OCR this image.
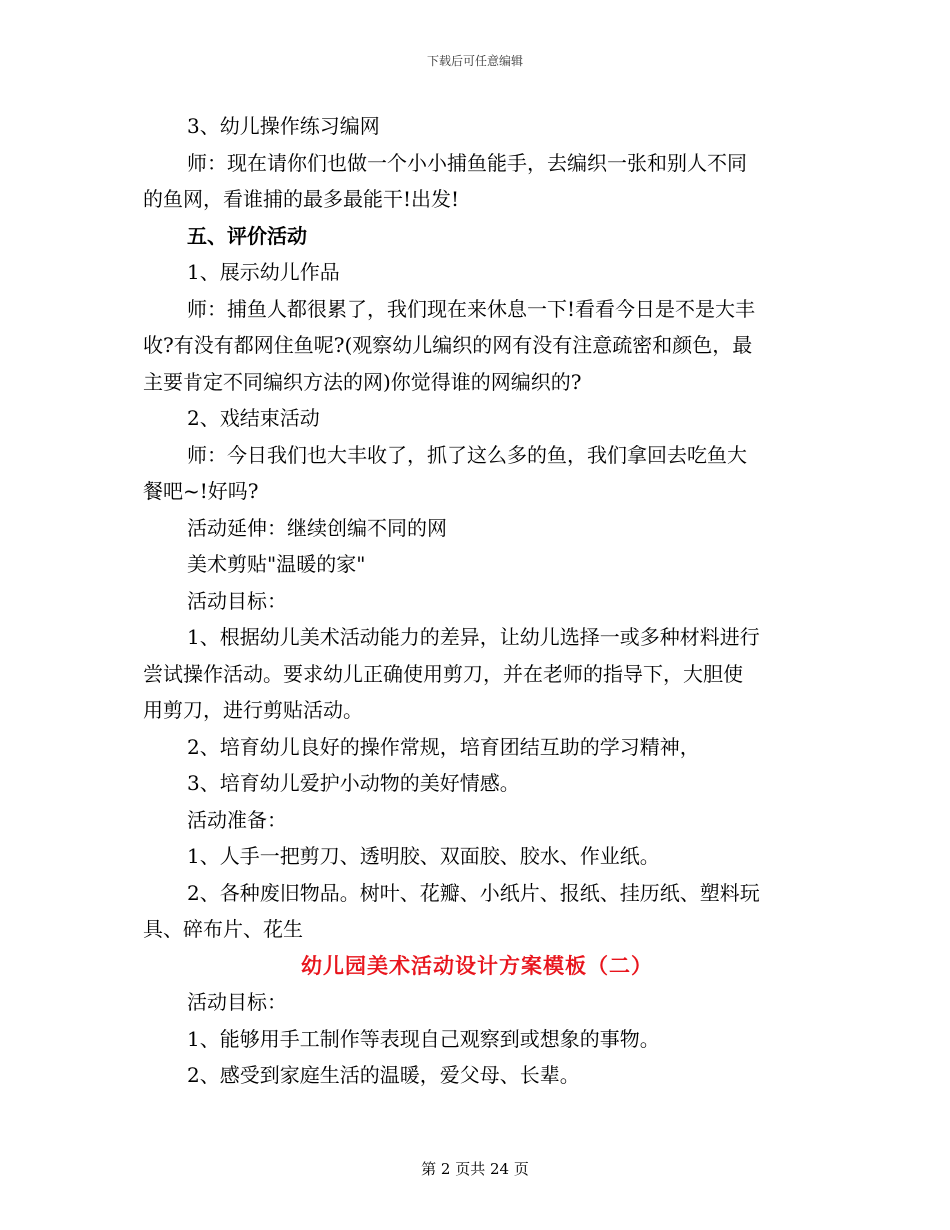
下载后可任意编辑
3、幼儿操作练习编网
师：现在请你们也做一个小小捕鱼能手，去编织一张和别人不同
的鱼网，看谁捕的最多最能干!出发!
五、评价活动
1、展示幼儿作品
师：捕鱼人都很累了，我们现在来休息一下!看看今日是不是大丰
收?有没有都网住鱼呢?(观察幼儿编织的网有没有注意疏密和颜色，最
主要肯定不同编织方法的网)你觉得谁的网编织的?
2、戏结束活动
师：今日我们也大丰收了，抓了这么多的鱼，我们拿回去吃鱼大
餐吧~!好吗?
活动延伸：继续创编不同的网
美术剪贴"温暖的家"
活动目标：
1、根据幼儿美术活动能力的差异，让幼儿选择一或多种材料进行
尝试操作活动。要求幼儿正确使用剪刀，并在老师的指导下，大胆使
用剪刀，进行剪贴活动。
2、培育幼儿良好的操作常规，培育团结互助的学习精神，
3、培育幼儿爱护小动物的美好情感。
活动准备：
1、人手一把剪刀、透明胶、双面胶、胶水、作业纸。
2、各种废旧物品。树叶、花瓣、小纸片、报纸、挂历纸、塑料玩
具、碎布片、花生
幼儿园美术活动设计方案模板（二）
活动目标：
1、能够用手工制作等表现自己观察到或想象的事物。
2、感受到家庭生活的温暖，爱父母、长辈。
第 2 页共 24 页
